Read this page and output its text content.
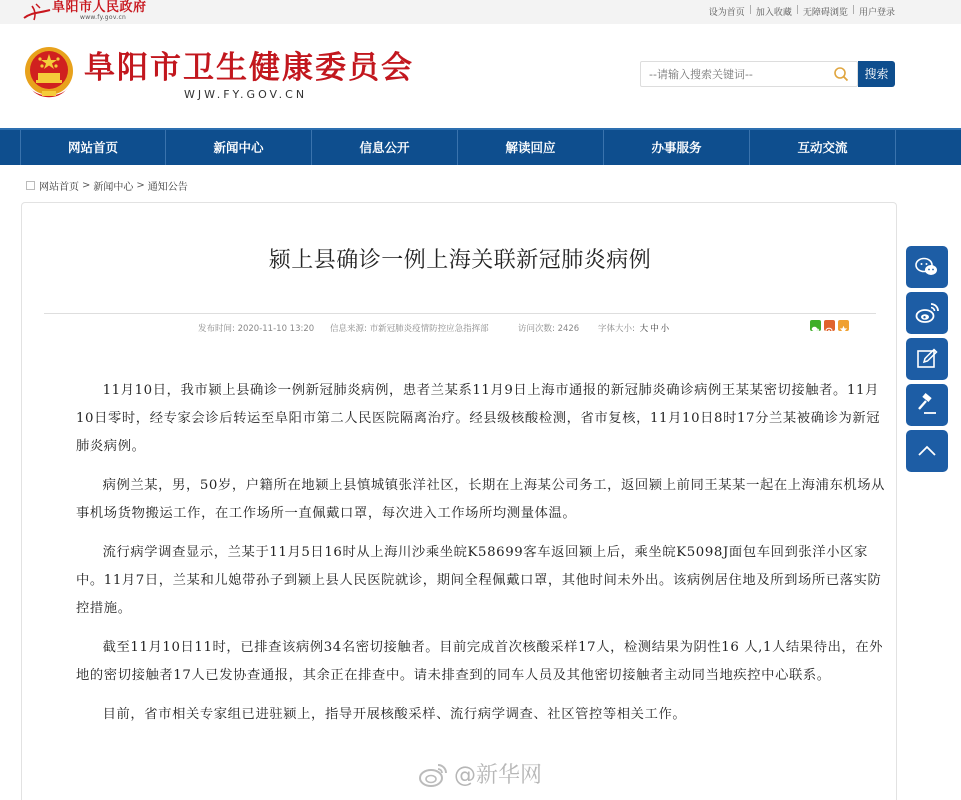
阜阳市人民政府
www.fy.gov.cn	设为首页 | 加入收藏 | 无障碍浏览 | 用户登录
阜阳市卫生健康委员会
WJW.FY.GOV.CN
--请输入搜索关键词--
搜索
网站首页	新闻中心	信息公开	解读回应	办事服务	互动交流
网站首页 > 新闻中心 > 通知公告
颍上县确诊一例上海关联新冠肺炎病例
发布时间: 2020-11-10 13:20 信息来源: 市新冠肺炎疫情防控应急指挥部	访问次数: 2426 字体大小: 大 中 小

11月10日，我市颍上县确诊一例新冠肺炎病例，患者兰某系11月9日上海市通报的新冠肺炎确诊病例王某某密切接触者。11月10日零时，经专家会诊后转运至阜阳市第二人民医院隔离治疗。经县级核酸检测，省市复核，11月10日8时17分兰某被确诊为新冠肺炎病例。

病例兰某，男，50岁，户籍所在地颍上县慎城镇张洋社区，长期在上海某公司务工，返回颍上前同王某某一起在上海浦东机场从事机场货物搬运工作，在工作场所一直佩戴口罩，每次进入工作场所均测量体温。

流行病学调查显示，兰某于11月5日16时从上海川沙乘坐皖K58699客车返回颍上后，乘坐皖K5098J面包车回到张洋小区家中。11月7日，兰某和儿媳带孙子到颍上县人民医院就诊，期间全程佩戴口罩，其他时间未外出。该病例居住地及所到场所已落实防控措施。

截至11月10日11时，已排查该病例34名密切接触者。目前完成首次核酸采样17人，检测结果为阴性16 人,1人结果待出，在外地的密切接触者17人已发协查通报，其余正在排查中。请未排查到的同车人员及其他密切接触者主动同当地疾控中心联系。

目前，省市相关专家组已进驻颍上，指导开展核酸采样、流行病学调查、社区管控等相关工作。

@新华网
